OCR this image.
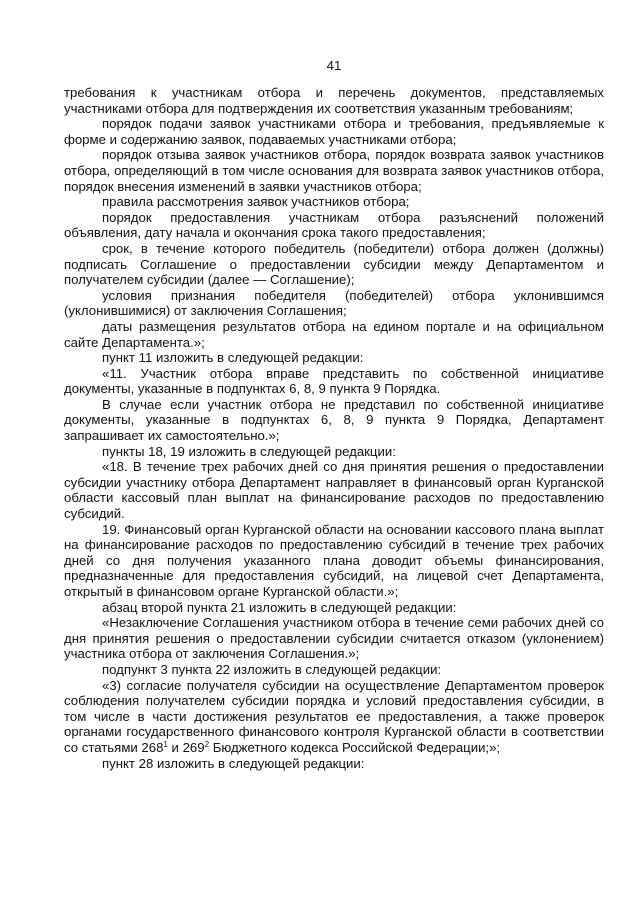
41

требования к участникам отбора и перечень документов, представляемых участниками отбора для подтверждения их соответствия указанным требованиям;

порядок подачи заявок участниками отбора и требования, предъявляемые к форме и содержанию заявок, подаваемых участниками отбора;

порядок отзыва заявок участников отбора, порядок возврата заявок участников отбора, определяющий в том числе основания для возврата заявок участников отбора, порядок внесения изменений в заявки участников отбора;

правила рассмотрения заявок участников отбора;

порядок предоставления участникам отбора разъяснений положений объявления, дату начала и окончания срока такого предоставления;

срок, в течение которого победитель (победители) отбора должен (должны) подписать Соглашение о предоставлении субсидии между Департаментом и получателем субсидии (далее — Соглашение);

условия признания победителя (победителей) отбора уклонившимся (уклонившимися) от заключения Соглашения;

даты размещения результатов отбора на едином портале и на официальном сайте Департамента.»;

пункт 11 изложить в следующей редакции:

«11. Участник отбора вправе представить по собственной инициативе документы, указанные в подпунктах 6, 8, 9 пункта 9 Порядка.

В случае если участник отбора не представил по собственной инициативе документы, указанные в подпунктах 6, 8, 9 пункта 9 Порядка, Департамент запрашивает их самостоятельно.»;

пункты 18, 19 изложить в следующей редакции:

«18. В течение трех рабочих дней со дня принятия решения о предоставлении субсидии участнику отбора Департамент направляет в финансовый орган Курганской области кассовый план выплат на финансирование расходов по предоставлению субсидий.

19. Финансовый орган Курганской области на основании кассового плана выплат на финансирование расходов по предоставлению субсидий в течение трех рабочих дней со дня получения указанного плана доводит объемы финансирования, предназначенные для предоставления субсидий, на лицевой счет Департамента, открытый в финансовом органе Курганской области.»;

абзац второй пункта 21 изложить в следующей редакции:

«Незаключение Соглашения участником отбора в течение семи рабочих дней со дня принятия решения о предоставлении субсидии считается отказом (уклонением) участника отбора от заключения Соглашения.»;

подпункт 3 пункта 22 изложить в следующей редакции:

«3) согласие получателя субсидии на осуществление Департаментом проверок соблюдения получателем субсидии порядка и условий предоставления субсидии, в том числе в части достижения результатов ее предоставления, а также проверок органами государственного финансового контроля Курганской области в соответствии со статьями $268^1$ и $269^2$ Бюджетного кодекса Российской Федерации;»;

пункт 28 изложить в следующей редакции:
